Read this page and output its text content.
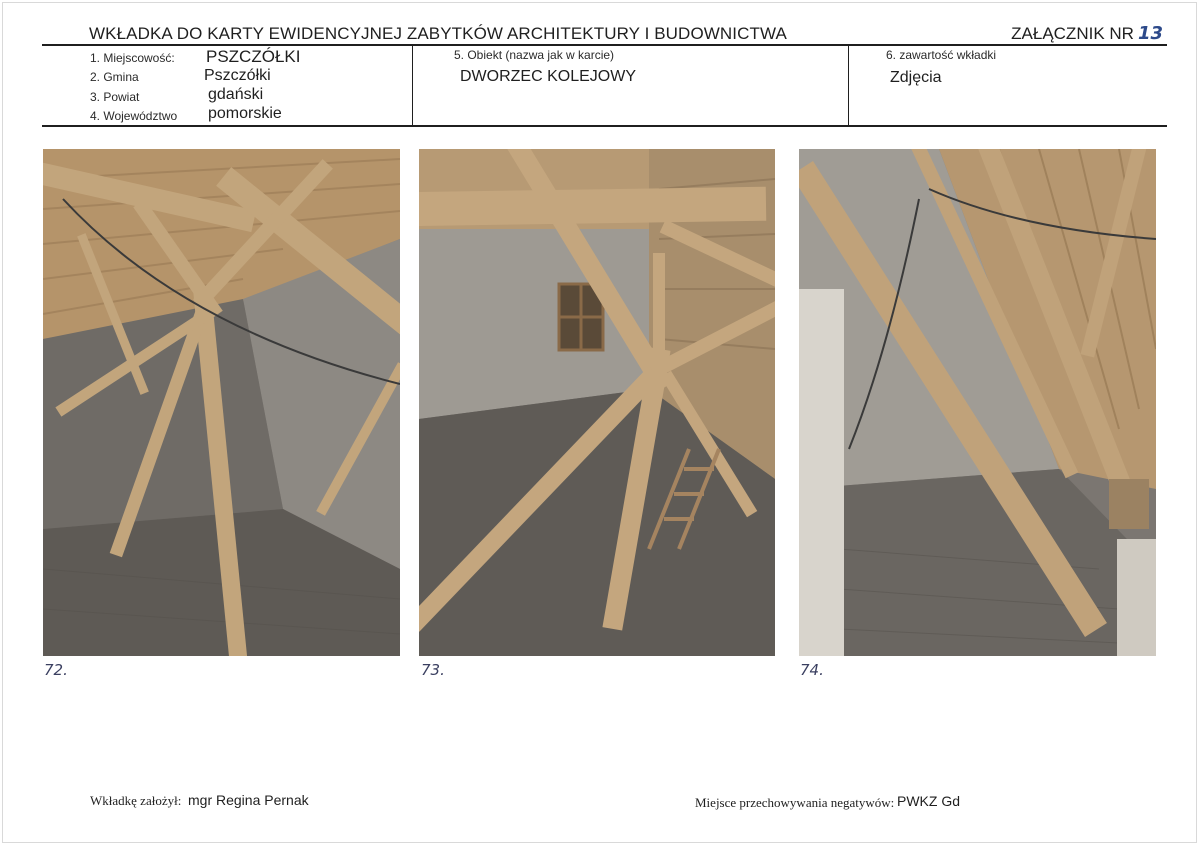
WKŁADKA DO KARTY EWIDENCYJNEJ ZABYTKÓW ARCHITEKTURY I BUDOWNICTWA	ZAŁĄCZNIK NR 13
1. Miejscowość: PSZCZÓŁKI
2. Gmina	Pszczółki
3. Powiat	gdański
4. Województwo pomorskie
5. Obiekt (nazwa jak w karcie)
DWORZEC KOLEJOWY
6. zawartość wkładki
Zdjęcia
72.	73.	74.
Wkładkę założył: mgr Regina Pernak	Miejsce przechowywania negatywów: PWKZ Gd
